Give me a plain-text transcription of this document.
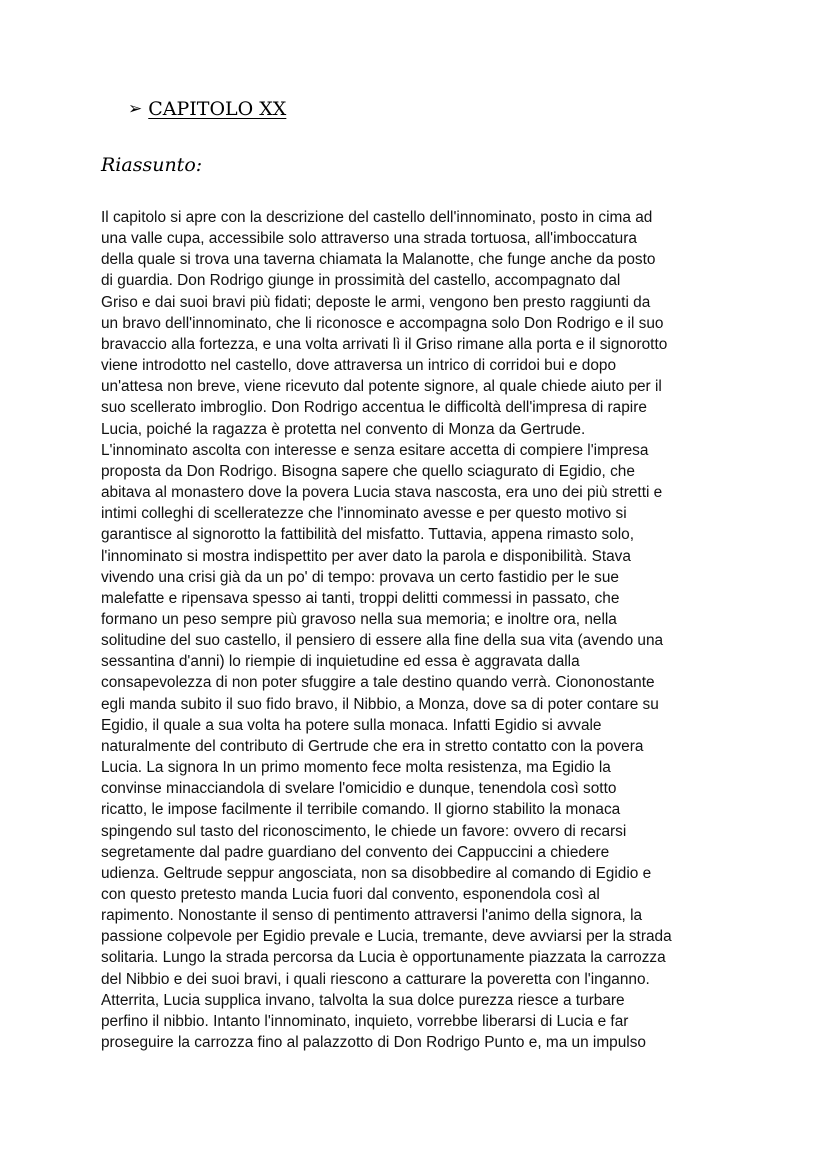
➢ CAPITOLO XX
Riassunto:

Il capitolo si apre con la descrizione del castello dell'innominato, posto in cima ad
una valle cupa, accessibile solo attraverso una strada tortuosa, all'imboccatura
della quale si trova una taverna chiamata la Malanotte, che funge anche da posto
di guardia. Don Rodrigo giunge in prossimità del castello, accompagnato dal
Griso e dai suoi bravi più fidati; deposte le armi, vengono ben presto raggiunti da
un bravo dell'innominato, che li riconosce e accompagna solo Don Rodrigo e il suo
bravaccio alla fortezza, e una volta arrivati lì il Griso rimane alla porta e il signorotto
viene introdotto nel castello, dove attraversa un intrico di corridoi bui e dopo
un'attesa non breve, viene ricevuto dal potente signore, al quale chiede aiuto per il
suo scellerato imbroglio. Don Rodrigo accentua le difficoltà dell'impresa di rapire
Lucia, poiché la ragazza è protetta nel convento di Monza da Gertrude.
L'innominato ascolta con interesse e senza esitare accetta di compiere l'impresa
proposta da Don Rodrigo. Bisogna sapere che quello sciagurato di Egidio, che
abitava al monastero dove la povera Lucia stava nascosta, era uno dei più stretti e
intimi colleghi di scelleratezze che l'innominato avesse e per questo motivo si
garantisce al signorotto la fattibilità del misfatto. Tuttavia, appena rimasto solo,
l'innominato si mostra indispettito per aver dato la parola e disponibilità. Stava
vivendo una crisi già da un po' di tempo: provava un certo fastidio per le sue
malefatte e ripensava spesso ai tanti, troppi delitti commessi in passato, che
formano un peso sempre più gravoso nella sua memoria; e inoltre ora, nella
solitudine del suo castello, il pensiero di essere alla fine della sua vita (avendo una
sessantina d'anni) lo riempie di inquietudine ed essa è aggravata dalla
consapevolezza di non poter sfuggire a tale destino quando verrà. Ciononostante
egli manda subito il suo fido bravo, il Nibbio, a Monza, dove sa di poter contare su
Egidio, il quale a sua volta ha potere sulla monaca. Infatti Egidio si avvale
naturalmente del contributo di Gertrude che era in stretto contatto con la povera
Lucia. La signora In un primo momento fece molta resistenza, ma Egidio la
convinse minacciandola di svelare l'omicidio e dunque, tenendola così sotto
ricatto, le impose facilmente il terribile comando. Il giorno stabilito la monaca
spingendo sul tasto del riconoscimento, le chiede un favore: ovvero di recarsi
segretamente dal padre guardiano del convento dei Cappuccini a chiedere
udienza. Geltrude seppur angosciata, non sa disobbedire al comando di Egidio e
con questo pretesto manda Lucia fuori dal convento, esponendola così al
rapimento. Nonostante il senso di pentimento attraversi l'animo della signora, la
passione colpevole per Egidio prevale e Lucia, tremante, deve avviarsi per la strada
solitaria. Lungo la strada percorsa da Lucia è opportunamente piazzata la carrozza
del Nibbio e dei suoi bravi, i quali riescono a catturare la poveretta con l'inganno.
Atterrita, Lucia supplica invano, talvolta la sua dolce purezza riesce a turbare
perfino il nibbio. Intanto l'innominato, inquieto, vorrebbe liberarsi di Lucia e far
proseguire la carrozza fino al palazzotto di Don Rodrigo Punto e, ma un impulso
